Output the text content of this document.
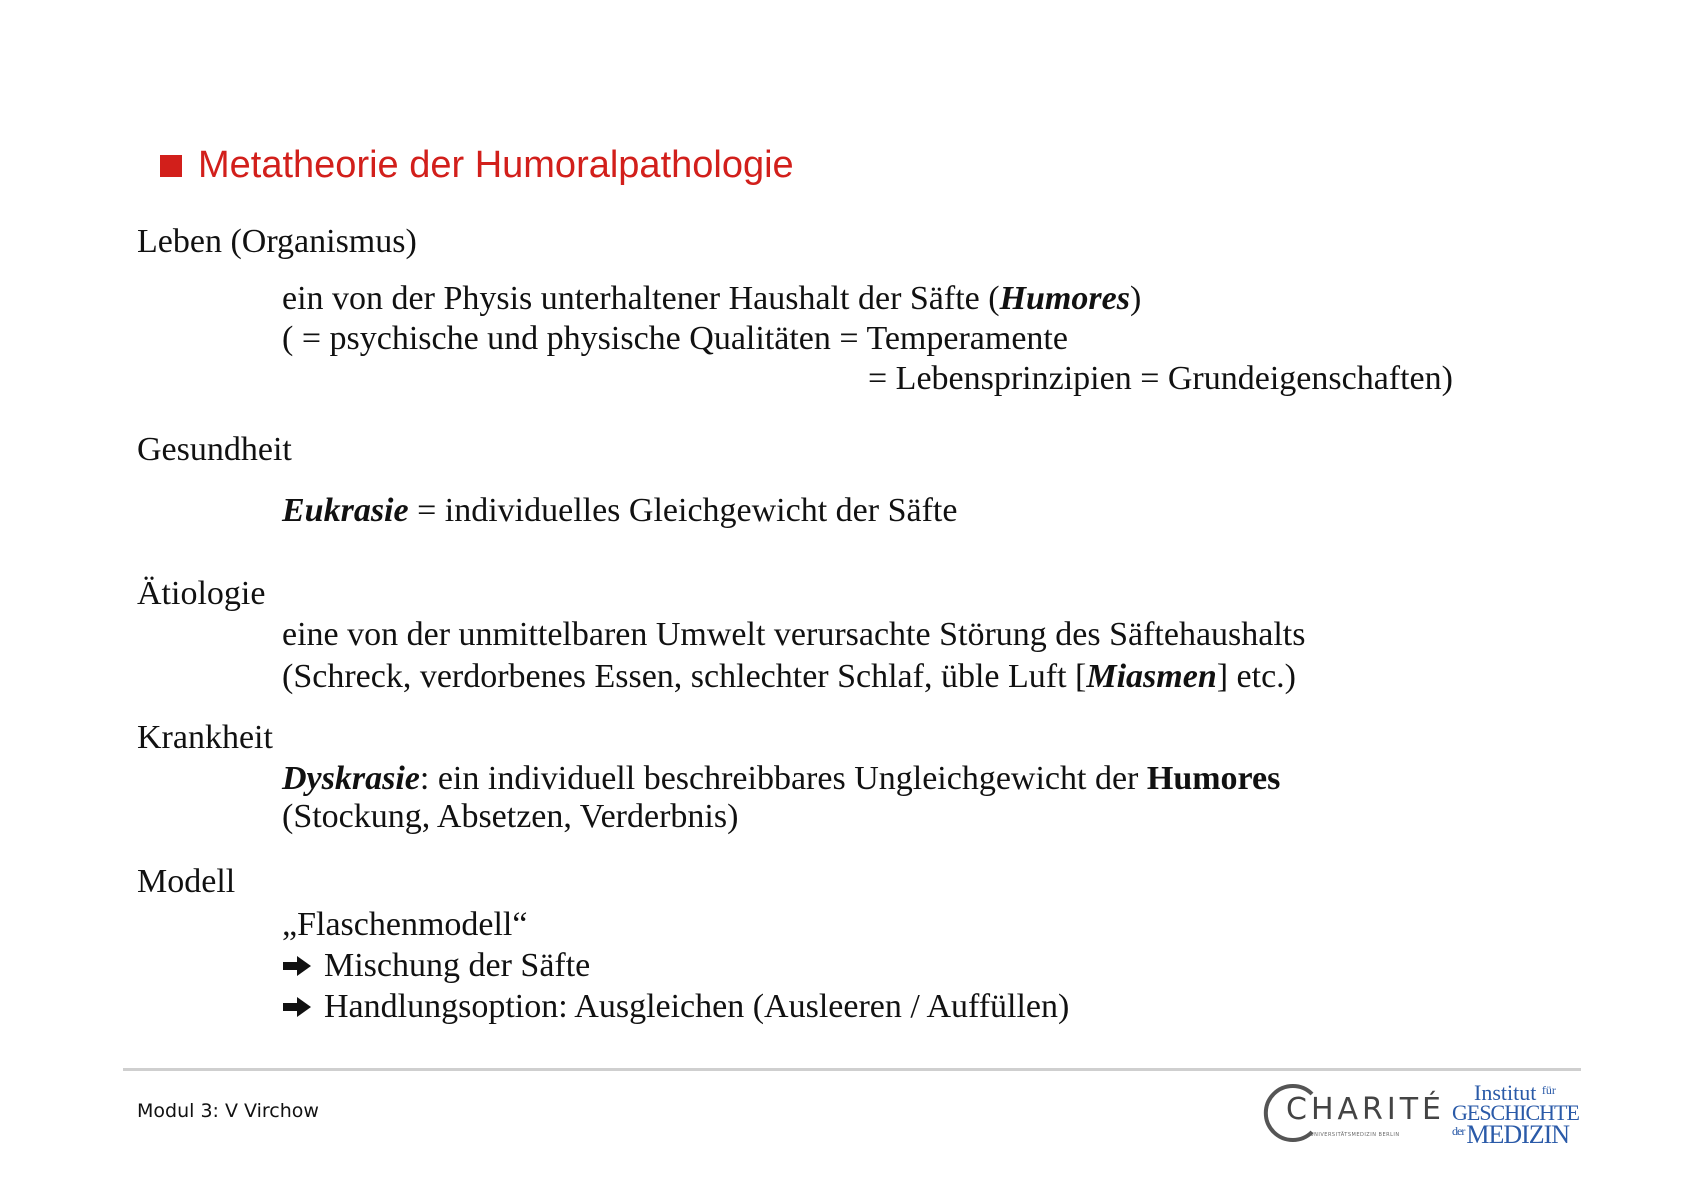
Metatheorie der Humoralpathologie
Leben (Organismus)
ein von der Physis unterhaltener Haushalt der Säfte (Humores)
( = psychische und physische Qualitäten = Temperamente
= Lebensprinzipien = Grundeigenschaften)
Gesundheit
Eukrasie = individuelles Gleichgewicht der Säfte
Ätiologie
eine von der unmittelbaren Umwelt verursachte Störung des Säftehaushalts
(Schreck, verdorbenes Essen, schlechter Schlaf, üble Luft [Miasmen] etc.)
Krankheit
Dyskrasie: ein individuell beschreibbares Ungleichgewicht der Humores
(Stockung, Absetzen, Verderbnis)
Modell
„Flaschenmodell“
Mischung der Säfte
Handlungsoption: Ausgleichen (Ausleeren / Auffüllen)
Modul 3: V Virchow	CHARITÉ
UNIVERSITÄTSMEDIZIN BERLIN
Institut $^{für}$
GESCHICHTE
$^{der}$MEDIZIN
